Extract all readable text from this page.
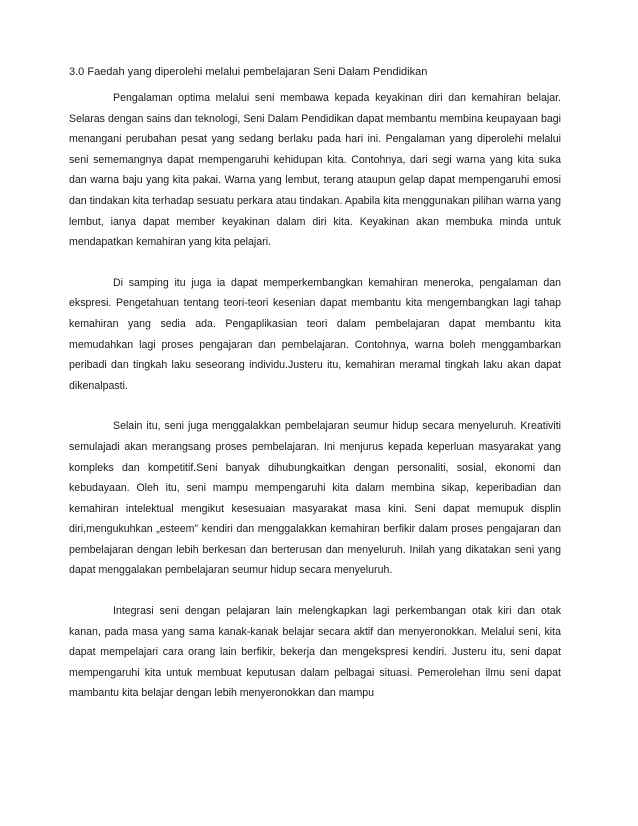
3.0 Faedah yang diperolehi melalui pembelajaran Seni Dalam Pendidikan

Pengalaman optima melalui seni membawa kepada keyakinan diri dan kemahiran belajar. Selaras dengan sains dan teknologi, Seni Dalam Pendidikan dapat membantu membina keupayaan bagi menangani perubahan pesat yang sedang berlaku pada hari ini. Pengalaman yang diperolehi melalui seni sememangnya dapat mempengaruhi kehidupan kita. Contohnya, dari segi warna yang kita suka dan warna baju yang kita pakai. Warna yang lembut, terang ataupun gelap dapat mempengaruhi emosi dan tindakan kita terhadap sesuatu perkara atau tindakan. Apabila kita menggunakan pilihan warna yang lembut, ianya dapat member keyakinan dalam diri kita. Keyakinan akan membuka minda untuk mendapatkan kemahiran yang kita pelajari.

Di samping itu juga ia dapat memperkembangkan kemahiran meneroka, pengalaman dan ekspresi. Pengetahuan tentang teori-teori kesenian dapat membantu kita mengembangkan lagi tahap kemahiran yang sedia ada. Pengaplikasian teori dalam pembelajaran dapat membantu kita memudahkan lagi proses pengajaran dan pembelajaran. Contohnya, warna boleh menggambarkan peribadi dan tingkah laku seseorang individu.Justeru itu, kemahiran meramal tingkah laku akan dapat dikenalpasti.

Selain itu, seni juga menggalakkan pembelajaran seumur hidup secara menyeluruh. Kreativiti semulajadi akan merangsang proses pembelajaran. Ini menjurus kepada keperluan masyarakat yang kompleks dan kompetitif.Seni banyak dihubungkaitkan dengan personaliti, sosial, ekonomi dan kebudayaan. Oleh itu, seni mampu mempengaruhi kita dalam membina sikap, keperibadian dan kemahiran intelektual mengikut kesesuaian masyarakat masa kini. Seni dapat memupuk displin diri,mengukuhkan „esteem” kendiri dan menggalakkan kemahiran berfikir dalam proses pengajaran dan pembelajaran dengan lebih berkesan dan berterusan dan menyeluruh. Inilah yang dikatakan seni yang dapat menggalakan pembelajaran seumur hidup secara menyeluruh.

Integrasi seni dengan pelajaran lain melengkapkan lagi perkembangan otak kiri dan otak kanan, pada masa yang sama kanak-kanak belajar secara aktif dan menyeronokkan. Melalui seni, kita dapat mempelajari cara orang lain berfikir, bekerja dan mengekspresi kendiri. Justeru itu, seni dapat mempengaruhi kita untuk membuat keputusan dalam pelbagai situasi. Pemerolehan ilmu seni dapat mambantu kita belajar dengan lebih menyeronokkan dan mampu
